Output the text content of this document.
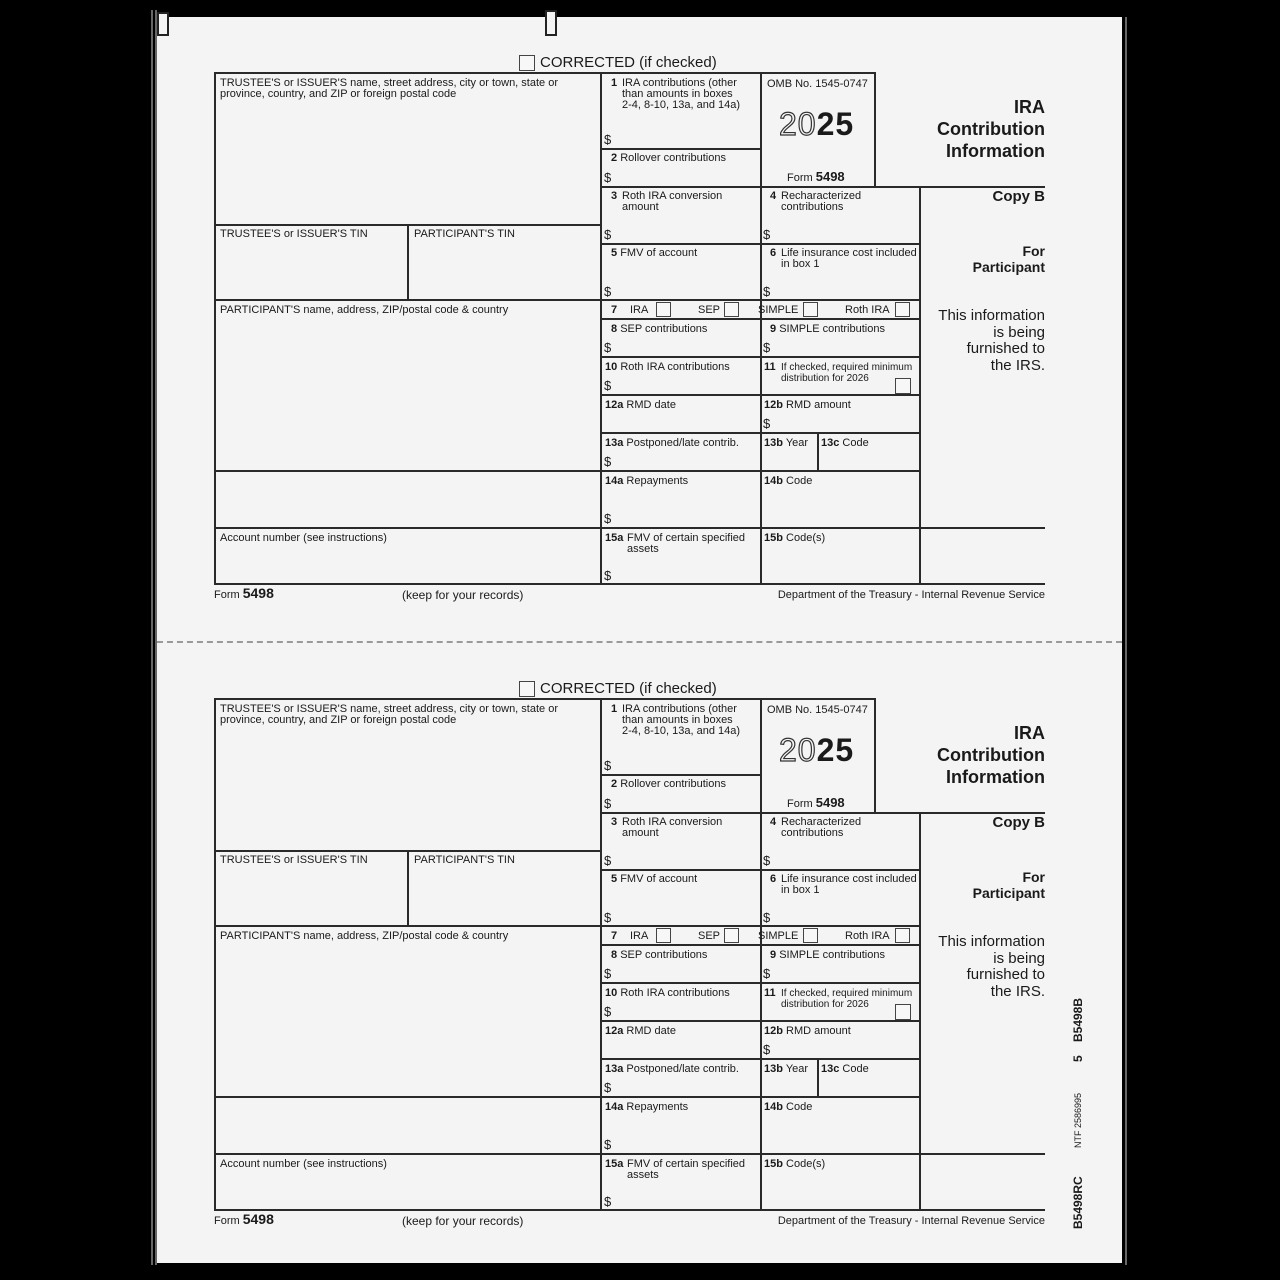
B5498B
5
NTF 2586995
B5498RC
CORRECTED (if checked)
TRUSTEE'S or ISSUER'S name, street address, city or town, state or province, country, and ZIP or foreign postal code
TRUSTEE'S or ISSUER'S TIN	PARTICIPANT'S TIN
PARTICIPANT'S name, address, ZIP/postal code & country
Account number (see instructions)
1 IRA contributions (other
than amounts in boxes
2-4, 8-10, 13a, and 14a)
$
2 Rollover contributions
$
OMB No. 1545-0747
2025
Form 5498
IRA
Contribution
Information
Copy B
For
Participant
This information
is being
furnished to
the IRS.
3 Roth IRA conversion
amount
$
4 Recharacterized
contributions
$
5 FMV of account
$
6 Life insurance cost included
in box 1
$
7 IRA	SEP	SIMPLE	Roth IRA
8 SEP contributions
$
9 SIMPLE contributions
$
10 Roth IRA contributions
$
11 If checked, required minimum
distribution for 2026
12a RMD date	12b RMD amount
$
13a Postponed/late contrib.
$
13b Year 13c Code
14a Repayments
$
14b Code
15a FMV of certain specified
assets
$
15b Code(s)
Form 5498	(keep for your records)	Department of the Treasury - Internal Revenue Service
CORRECTED (if checked)
TRUSTEE'S or ISSUER'S name, street address, city or town, state or province, country, and ZIP or foreign postal code
TRUSTEE'S or ISSUER'S TIN	PARTICIPANT'S TIN
PARTICIPANT'S name, address, ZIP/postal code & country
Account number (see instructions)
1 IRA contributions (other
than amounts in boxes
2-4, 8-10, 13a, and 14a)
$
2 Rollover contributions
$
OMB No. 1545-0747
2025
Form 5498
IRA
Contribution
Information
Copy B
For
Participant
This information
is being
furnished to
the IRS.
3 Roth IRA conversion
amount
$
4 Recharacterized
contributions
$
5 FMV of account
$
6 Life insurance cost included
in box 1
$
7 IRA	SEP	SIMPLE	Roth IRA
8 SEP contributions
$
9 SIMPLE contributions
$
10 Roth IRA contributions
$
11 If checked, required minimum
distribution for 2026
12a RMD date	12b RMD amount
$
13a Postponed/late contrib.
$
13b Year 13c Code
14a Repayments
$
14b Code
15a FMV of certain specified
assets
$
15b Code(s)
Form 5498	(keep for your records)	Department of the Treasury - Internal Revenue Service
